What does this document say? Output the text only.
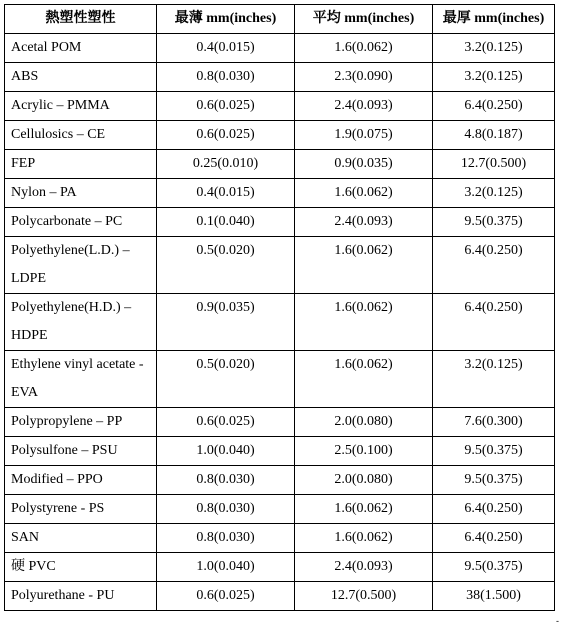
熱塑性塑性	最薄 mm(inches)	平均 mm(inches)	最厚 mm(inches)
Acetal POM	0.4(0.015)	1.6(0.062)	3.2(0.125)
ABS	0.8(0.030)	2.3(0.090)	3.2(0.125)
Acrylic – PMMA	0.6(0.025)	2.4(0.093)	6.4(0.250)
Cellulosics – CE	0.6(0.025)	1.9(0.075)	4.8(0.187)
FEP	0.25(0.010)	0.9(0.035)	12.7(0.500)
Nylon – PA	0.4(0.015)	1.6(0.062)	3.2(0.125)
Polycarbonate – PC	0.1(0.040)	2.4(0.093)	9.5(0.375)
Polyethylene(L.D.) – LDPE	0.5(0.020)	1.6(0.062)	6.4(0.250)
Polyethylene(H.D.) – HDPE	0.9(0.035)	1.6(0.062)	6.4(0.250)
Ethylene vinyl acetate - EVA	0.5(0.020)	1.6(0.062)	3.2(0.125)
Polypropylene – PP	0.6(0.025)	2.0(0.080)	7.6(0.300)
Polysulfone – PSU	1.0(0.040)	2.5(0.100)	9.5(0.375)
Modified – PPO	0.8(0.030)	2.0(0.080)	9.5(0.375)
Polystyrene - PS	0.8(0.030)	1.6(0.062)	6.4(0.250)
SAN	0.8(0.030)	1.6(0.062)	6.4(0.250)
硬 PVC	1.0(0.040)	2.4(0.093)	9.5(0.375)
Polyurethane - PU	0.6(0.025)	12.7(0.500)	38(1.500)
-
